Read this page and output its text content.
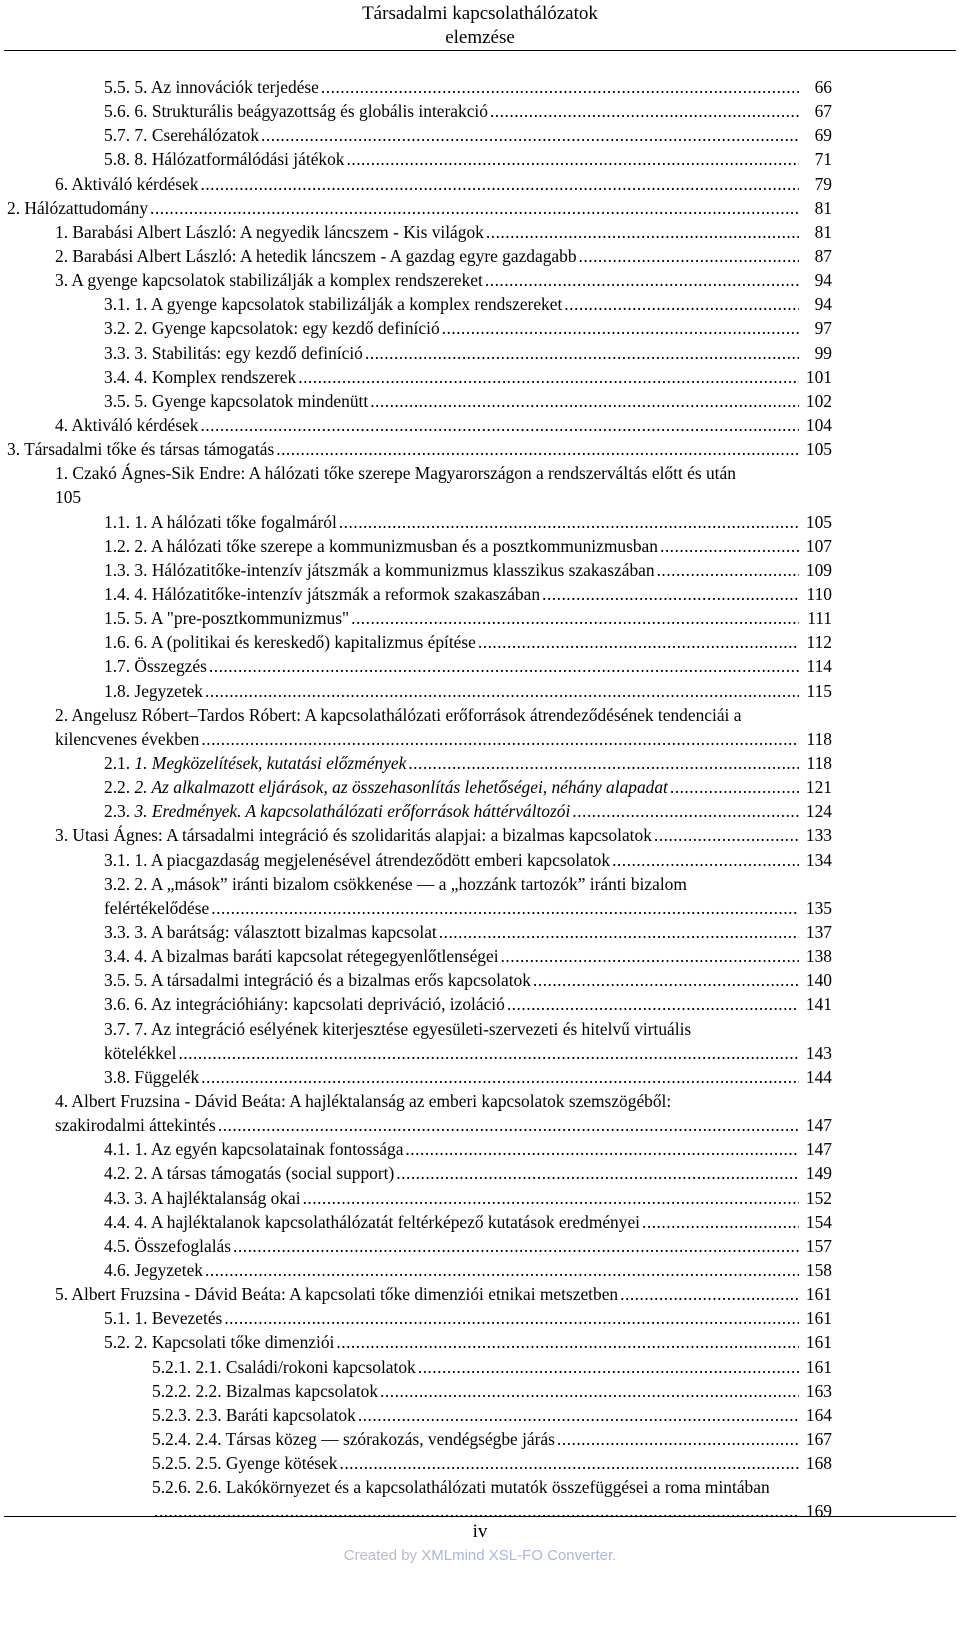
Társadalmi kapcsolathálózatok
elemzése
5.5. 5. Az innovációk terjedése .....	66
5.6. 6. Strukturális beágyazottság és globális interakció .....	67
5.7. 7. Cserehálózatok .....	69
5.8. 8. Hálózatformálódási játékok .....	71
6. Aktiváló kérdések .....	79
2. Hálózattudomány .....	81
1. Barabási Albert László: A negyedik láncszem - Kis világok .....	81
2. Barabási Albert László: A hetedik láncszem - A gazdag egyre gazdagabb .....	87
3. A gyenge kapcsolatok stabilizálják a komplex rendszereket .....	94
3.1. 1. A gyenge kapcsolatok stabilizálják a komplex rendszereket .....	94
3.2. 2. Gyenge kapcsolatok: egy kezdő definíció .....	97
3.3. 3. Stabilitás: egy kezdő definíció .....	99
3.4. 4. Komplex rendszerek .....	101
3.5. 5. Gyenge kapcsolatok mindenütt .....	102
4. Aktiváló kérdések .....	104
3. Társadalmi tőke és társas támogatás .....	105
1. Czakó Ágnes-Sik Endre: A hálózati tőke szerepe Magyarországon a rendszerváltás előtt és után
105
1.1. 1. A hálózati tőke fogalmáról .....	105
1.2. 2. A hálózati tőke szerepe a kommunizmusban és a posztkommunizmusban .....	107
1.3. 3. Hálózatitőke-intenzív játszmák a kommunizmus klasszikus szakaszában .....	109
1.4. 4. Hálózatitőke-intenzív játszmák a reformok szakaszában .....	110
1.5. 5. A "pre-posztkommunizmus" .....	111
1.6. 6. A (politikai és kereskedő) kapitalizmus építése .....	112
1.7. Összegzés .....	114
1.8. Jegyzetek .....	115
2. Angelusz Róbert–Tardos Róbert: A kapcsolathálózati erőforrások átrendeződésének tendenciái a
kilencvenes években .....	118
2.1. 1. Megközelítések, kutatási előzmények .....	118
2.2. 2. Az alkalmazott eljárások, az összehasonlítás lehetőségei, néhány alapadat .....	121
2.3. 3. Eredmények. A kapcsolathálózati erőforrások háttérváltozói .....	124
3. Utasi Ágnes: A társadalmi integráció és szolidaritás alapjai: a bizalmas kapcsolatok .....	133
3.1. 1. A piacgazdaság megjelenésével átrendeződött emberi kapcsolatok .....	134
3.2. 2. A „mások” iránti bizalom csökkenése — a „hozzánk tartozók” iránti bizalom
felértékelődése .....	135
3.3. 3. A barátság: választott bizalmas kapcsolat .....	137
3.4. 4. A bizalmas baráti kapcsolat rétegegyenlőtlenségei .....	138
3.5. 5. A társadalmi integráció és a bizalmas erős kapcsolatok .....	140
3.6. 6. Az integrációhiány: kapcsolati depriváció, izoláció .....	141
3.7. 7. Az integráció esélyének kiterjesztése egyesületi-szervezeti és hitelvű virtuális
kötelékkel .....	143
3.8. Függelék .....	144
4. Albert Fruzsina - Dávid Beáta: A hajléktalanság az emberi kapcsolatok szemszögéből:
szakirodalmi áttekintés .....	147
4.1. 1. Az egyén kapcsolatainak fontossága .....	147
4.2. 2. A társas támogatás (social support) .....	149
4.3. 3. A hajléktalanság okai .....	152
4.4. 4. A hajléktalanok kapcsolathálózatát feltérképező kutatások eredményei .....	154
4.5. Összefoglalás .....	157
4.6. Jegyzetek .....	158
5. Albert Fruzsina - Dávid Beáta: A kapcsolati tőke dimenziói etnikai metszetben .....	161
5.1. 1. Bevezetés .....	161
5.2. 2. Kapcsolati tőke dimenziói .....	161
5.2.1. 2.1. Családi/rokoni kapcsolatok .....	161
5.2.2. 2.2. Bizalmas kapcsolatok .....	163
5.2.3. 2.3. Baráti kapcsolatok .....	164
5.2.4. 2.4. Társas közeg — szórakozás, vendégségbe járás .....	167
5.2.5. 2.5. Gyenge kötések .....	168
5.2.6. 2.6. Lakókörnyezet és a kapcsolathálózati mutatók összefüggései a roma mintában
.....
169
iv
Created by XMLmind XSL-FO Converter.
